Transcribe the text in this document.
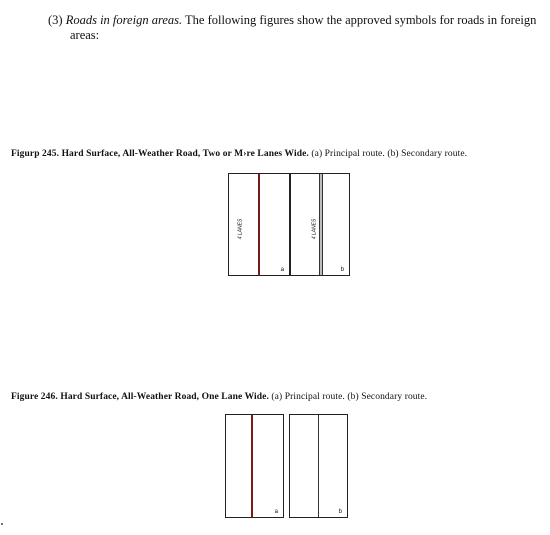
(3) Roads in foreign areas. The following figures show the approved symbols for roads in foreign
areas:
Figurp 245. Hard Surface, All-Weather Road, Two or M›re Lanes Wide. (a) Principal route. (b) Secondary route.
4 LANES
a
4 LANES
b
Figure 246. Hard Surface, All-Weather Road, One Lane Wide. (a) Principal route. (b) Secondary route.
a	b
